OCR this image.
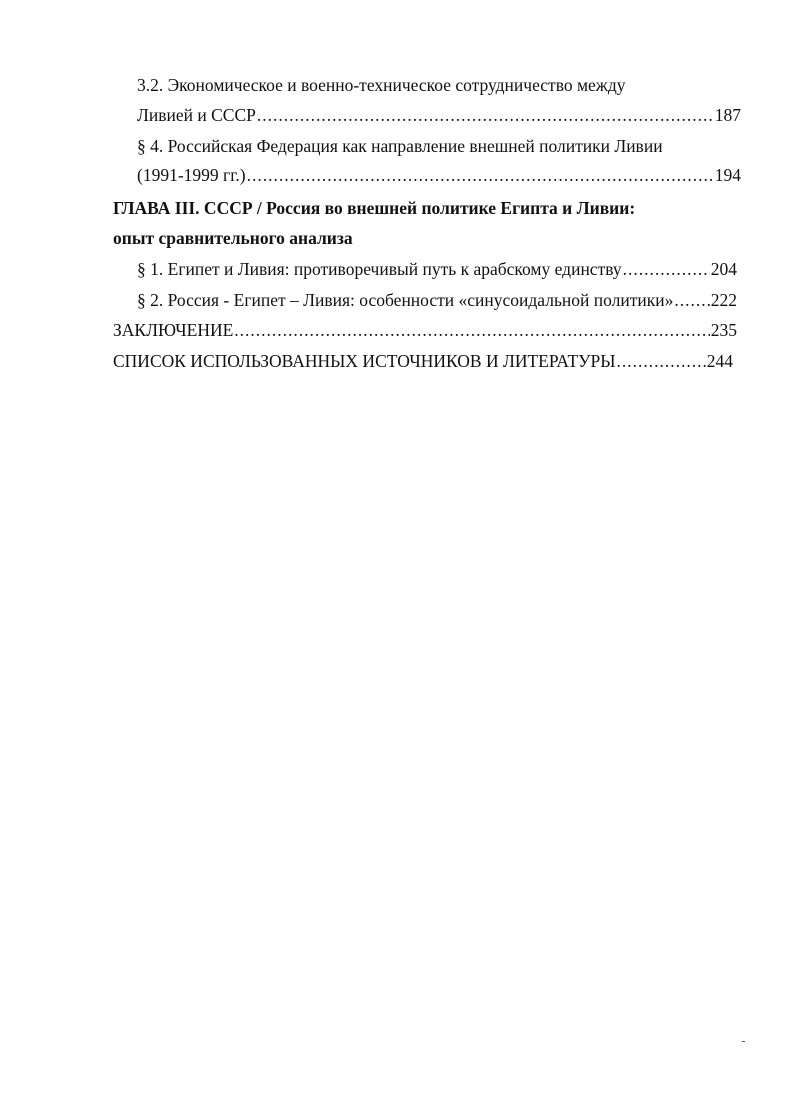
3.2. Экономическое и военно-техническое сотрудничество между
Ливией и СССР .....	187
§ 4. Российская Федерация как направление внешней политики Ливии
(1991-1999 гг.) .....	194
ГЛАВА III. СССР / Россия во внешней политике Египта и Ливии:
опыт сравнительного анализа
§ 1. Египет и Ливия: противоречивый путь к арабскому единству .....	204
§ 2. Россия - Египет – Ливия: особенности «синусоидальной политики» ..... 222
ЗАКЛЮЧЕНИЕ .....	235
СПИСОК ИСПОЛЬЗОВАННЫХ ИСТОЧНИКОВ И ЛИТЕРАТУРЫ .....	244
